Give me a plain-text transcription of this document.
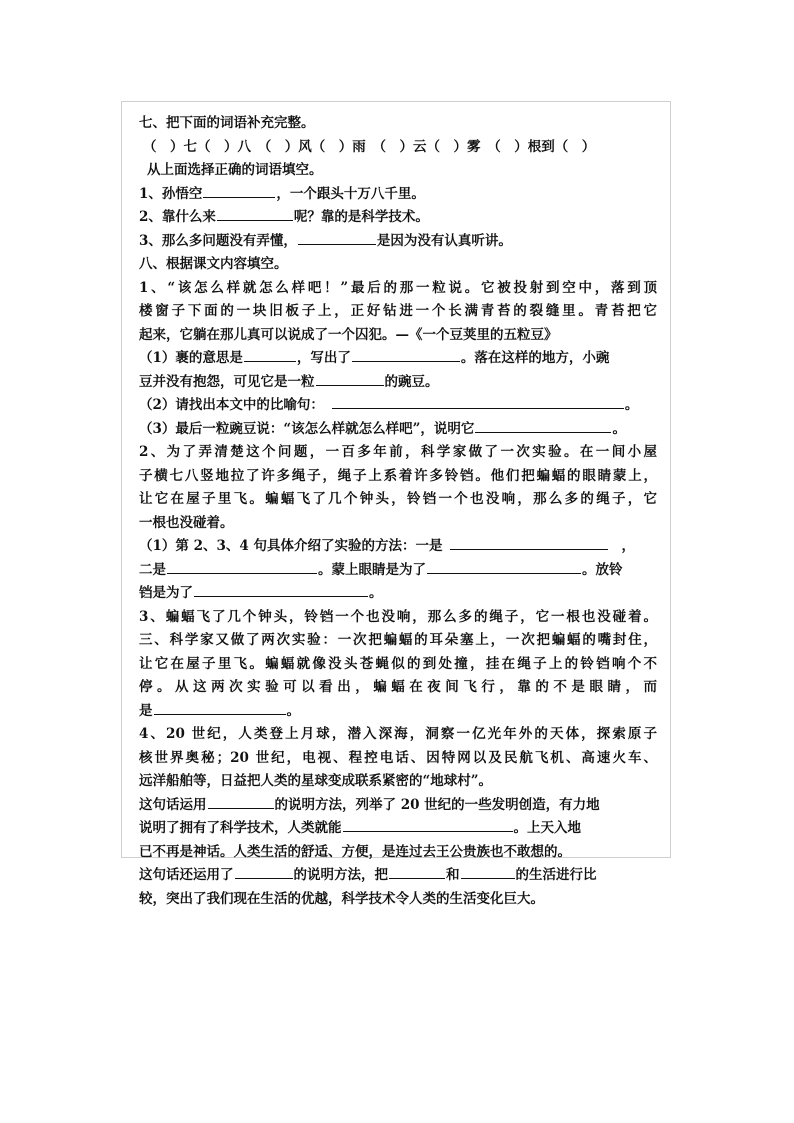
七、把下面的词语补充完整。
（　）七（　）八　（　）风（　）雨　（　）云（　）雾　（　）根到（　）
从上面选择正确的词语填空。
1、孙悟空	，一个跟头十万八千里。
2、靠什么来	呢？靠的是科学技术。
3、那么多问题没有弄懂，	是因为没有认真听讲。
八、根据课文内容填空。
1、“该怎么样就怎么样吧！”最后的那一粒说。它被投射到空中，落到顶
楼窗子下面的一块旧板子上，正好钻进一个长满青苔的裂缝里。青苔把它
起来，它躺在那儿真可以说成了一个囚犯。—《一个豆荚里的五粒豆》
（1）裹的意思是	，写出了	。落在这样的地方，小豌
豆并没有抱怨，可见它是一粒	的豌豆。
（2）请找出本文中的比喻句：	。
（3）最后一粒豌豆说：“该怎么样就怎么样吧”，说明它	。
2、为了弄清楚这个问题，一百多年前，科学家做了一次实验。在一间小屋
子横七八竖地拉了许多绳子，绳子上系着许多铃铛。他们把蝙蝠的眼睛蒙上，
让它在屋子里飞。蝙蝠飞了几个钟头，铃铛一个也没响，那么多的绳子，它
一根也没碰着。
（1）第 2、3、4 句具体介绍了实验的方法：一是	，
二是	。蒙上眼睛是为了	。放铃
铛是为了	。
3、蝙蝠飞了几个钟头，铃铛一个也没响，那么多的绳子，它一根也没碰着。
三、科学家又做了两次实验：一次把蝙蝠的耳朵塞上，一次把蝙蝠的嘴封住，
让它在屋子里飞。蝙蝠就像没头苍蝇似的到处撞，挂在绳子上的铃铛响个不
停。从这两次实验可以看出，蝙蝠在夜间飞行，靠的不是眼睛，而
是	。
4、20 世纪，人类登上月球，潜入深海，洞察一亿光年外的天体，探索原子
核世界奥秘；20 世纪，电视、程控电话、因特网以及民航飞机、高速火车、
远洋船舶等，日益把人类的星球变成联系紧密的“地球村”。
这句话运用	的说明方法，列举了 20 世纪的一些发明创造，有力地
说明了拥有了科学技术，人类就能	。上天入地
已不再是神话。人类生活的舒适、方便，是连过去王公贵族也不敢想的。
这句话还运用了	的说明方法，把	和	的生活进行比
较，突出了我们现在生活的优越，科学技术令人类的生活变化巨大。
